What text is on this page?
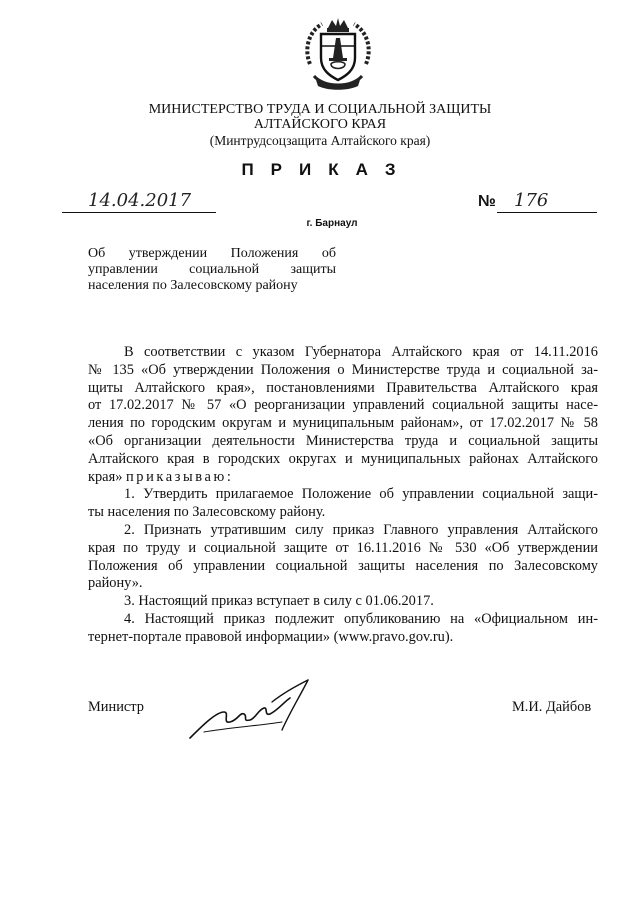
МИНИСТЕРСТВО ТРУДА И СОЦИАЛЬНОЙ ЗАЩИТЫ
АЛТАЙСКОГО КРАЯ
(Минтрудсоцзащита Алтайского края)
ПРИКАЗ
14.04.2017
г. Барнаул
№ 176
Об утверждении Положения об
управлении социальной защиты
населения по Залесовскому району

В соответствии с указом Губернатора Алтайского края от 14.11.2016
№ 135 «Об утверждении Положения о Министерстве труда и социальной за-
щиты Алтайского края», постановлениями Правительства Алтайского края
от 17.02.2017 № 57 «О реорганизации управлений социальной защиты насе-
ления по городским округам и муниципальным районам», от 17.02.2017 № 58
«Об организации деятельности Министерства труда и социальной защиты
Алтайского края в городских округах и муниципальных районах Алтайского
края» приказываю:

1. Утвердить прилагаемое Положение об управлении социальной защи-
ты населения по Залесовскому району.

2. Признать утратившим силу приказ Главного управления Алтайского
края по труду и социальной защите от 16.11.2016 № 530 «Об утверждении
Положения об управлении социальной защиты населения по Залесовскому
району».

3. Настоящий приказ вступает в силу с 01.06.2017.

4. Настоящий приказ подлежит опубликованию на «Официальном ин-
тернет-портале правовой информации» (www.pravo.gov.ru).

Министр	М.И. Дайбов
